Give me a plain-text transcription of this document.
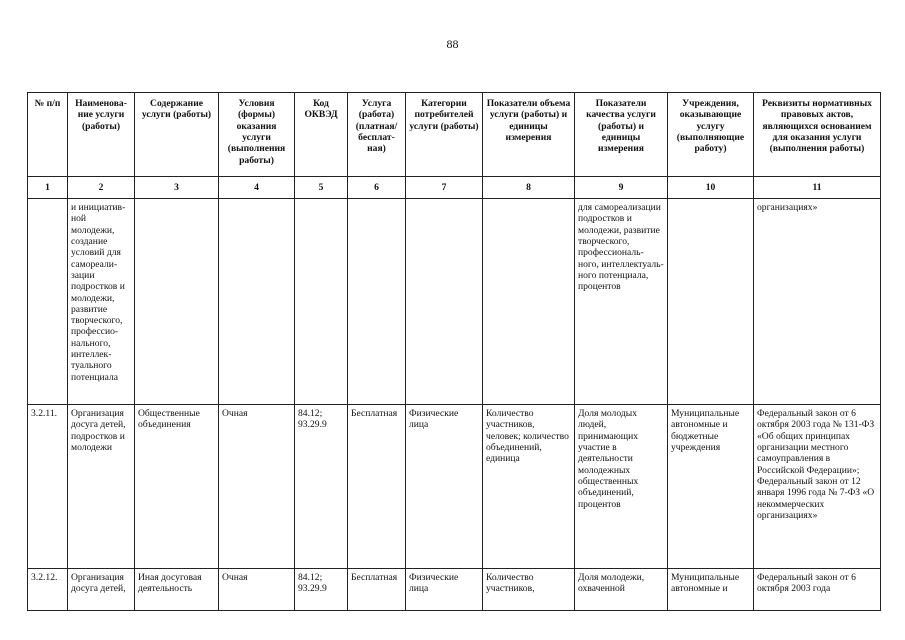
88
№ п/п	Наименова-ние услуги (работы)	Содержание услуги (работы)	Условия (формы) оказания услуги (выполнения работы)	Код ОКВЭД	Услуга (работа) (платная/ бесплат-ная)	Категории потребителей услуги (работы)	Показатели объема услуги (работы) и единицы измерения	Показатели качества услуги (работы) и единицы измерения	Учреждения, оказывающие услугу (выполняющие работу)	Реквизиты нормативных правовых актов, являющихся основанием для оказания услуги (выполнения работы)
1	2	3	4	5	6	7	8	9	10	11
	и инициатив-ной молодежи, создание условий для самореали-зации подростков и молодежи, развитие творческого, профессио-нального, интеллек-туального потенциала							для самореализации подростков и молодежи, развитие творческого, профессиональ-ного, интеллектуаль-ного потенциала, процентов		организациях»
3.2.11.	Организация досуга детей, подростков и молодежи	Общественные объединения	Очная	84.12; 93.29.9	Бесплатная	Физические лица	Количество участников, человек; количество объединений, единица	Доля молодых людей, принимающих участие в деятельности молодежных общественных объединений, процентов	Муниципальные автономные и бюджетные учреждения	Федеральный закон от 6 октября 2003 года № 131-ФЗ «Об общих принципах организации местного самоуправления в Российской Федерации»; Федеральный закон от 12 января 1996 года № 7-ФЗ «О некоммерческих организациях»
3.2.12.	Организация досуга детей,	Иная досуговая деятельность	Очная	84.12; 93.29.9	Бесплатная	Физические лица	Количество участников,	Доля молодежи, охваченной	Муниципальные автономные и	Федеральный закон от 6 октября 2003 года
